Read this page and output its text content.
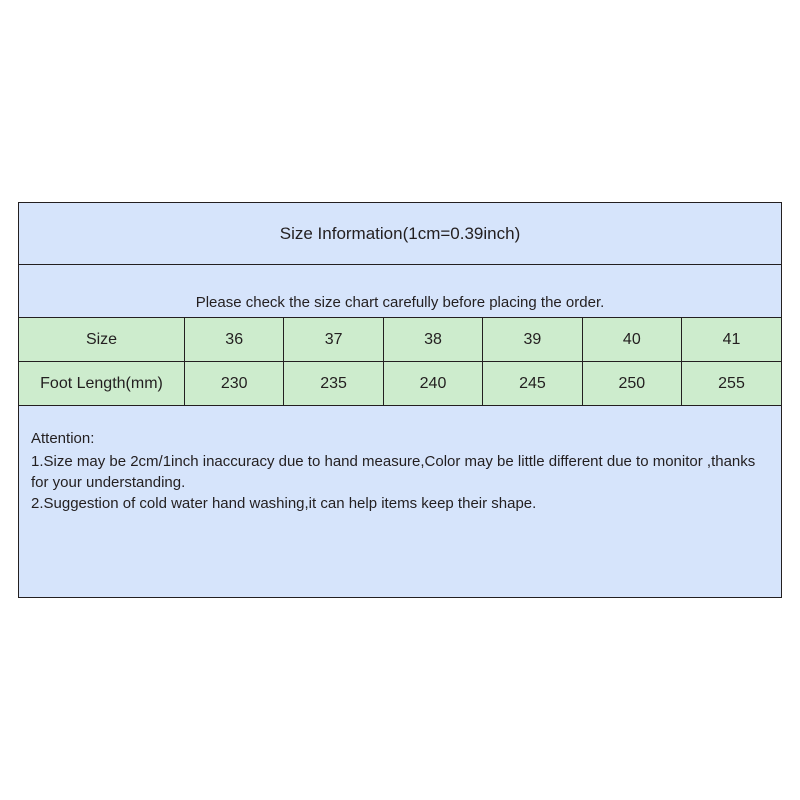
Size Information(1cm=0.39inch)
Please check the size chart carefully before placing the order.
Size	36	37	38	39	40	41
Foot Length(mm)	230	235	240	245	250	255
Attention:
1.Size may be 2cm/1inch inaccuracy due to hand measure,Color may be little different due to monitor ,thanks for your understanding.
2.Suggestion of cold water hand washing,it can help items keep their shape.
